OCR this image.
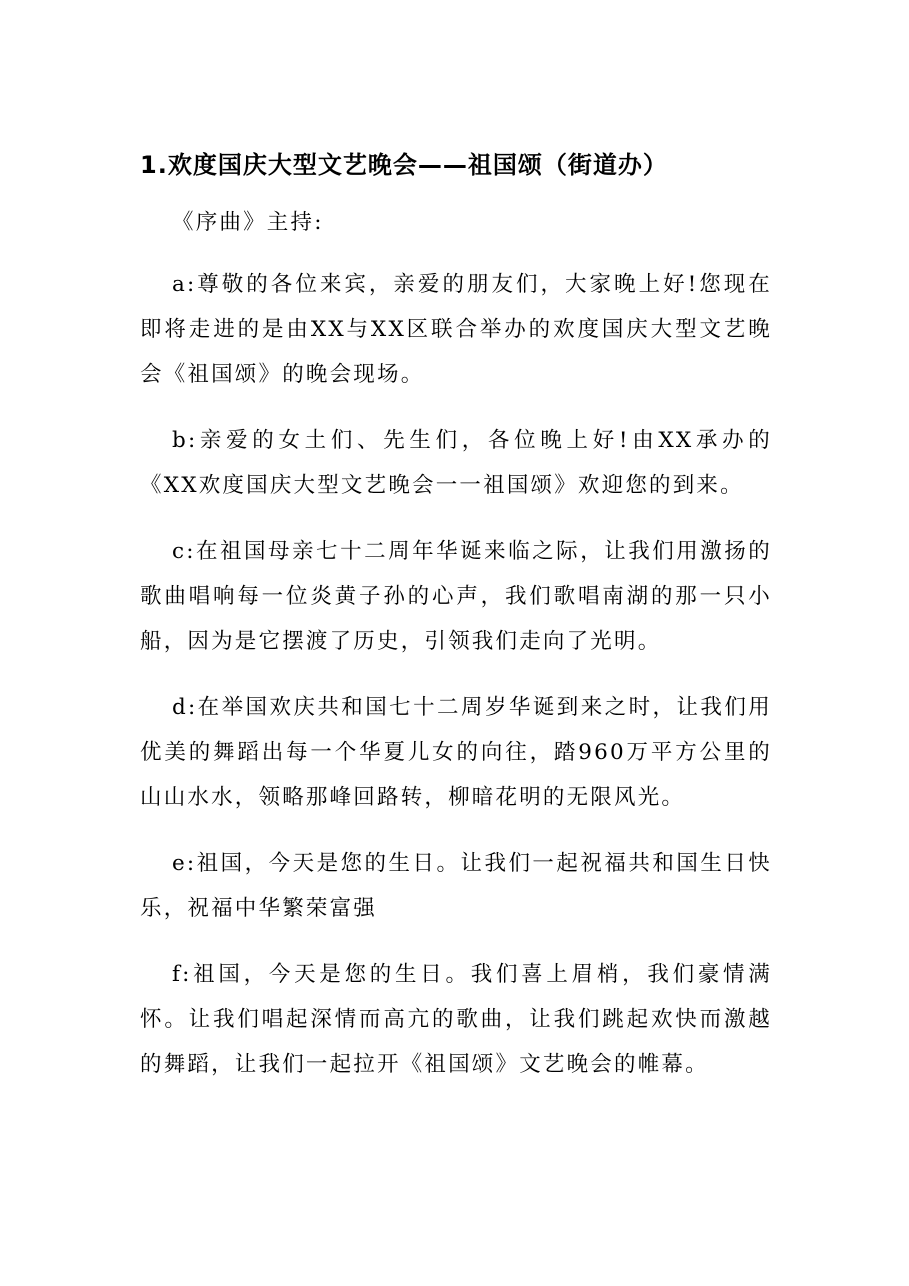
1.欢度国庆大型文艺晚会——祖国颂（街道办）

《序曲》主持:

a:尊敬的各位来宾，亲爱的朋友们，大家晚上好!您现在即将走进的是由XX与XX区联合举办的欢度国庆大型文艺晚会《祖国颂》的晚会现场。

b:亲爱的女土们、先生们，各位晚上好!由XX承办的《XX欢度国庆大型文艺晚会一一祖国颂》欢迎您的到来。

c:在祖国母亲七十二周年华诞来临之际，让我们用激扬的歌曲唱响每一位炎黄子孙的心声，我们歌唱南湖的那一只小船，因为是它摆渡了历史，引领我们走向了光明。

d:在举国欢庆共和国七十二周岁华诞到来之时，让我们用优美的舞蹈出每一个华夏儿女的向往，踏960万平方公里的山山水水，领略那峰回路转，柳暗花明的无限风光。

e:祖国，今天是您的生日。让我们一起祝福共和国生日快乐，祝福中华繁荣富强

f:祖国，今天是您的生日。我们喜上眉梢，我们豪情满怀。让我们唱起深情而高亢的歌曲，让我们跳起欢快而激越的舞蹈，让我们一起拉开《祖国颂》文艺晚会的帷幕。
